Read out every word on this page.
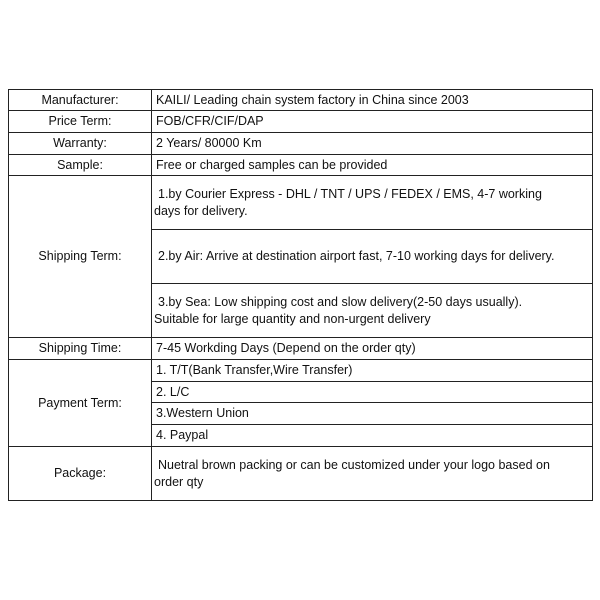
Manufacturer:	KAILI/ Leading chain system factory in China since 2003
Price Term:	FOB/CFR/CIF/DAP
Warranty:	2 Years/ 80000 Km
Sample:	Free or charged samples can be provided
Shipping Term:	1.by Courier Express - DHL / TNT / UPS / FEDEX / EMS, 4-7 working
days for delivery.
	2.by Air: Arrive at destination airport fast, 7-10 working days for delivery.
	3.by Sea: Low shipping cost and slow delivery(2-50 days usually).
Suitable for large quantity and non-urgent delivery
Shipping Time:	7-45 Workding Days (Depend on the order qty)
Payment Term:	1. T/T(Bank Transfer,Wire Transfer)
	2. L/C
	3.Western Union
	4. Paypal
Package:	Nuetral brown packing or can be customized under your logo based on
order qty
